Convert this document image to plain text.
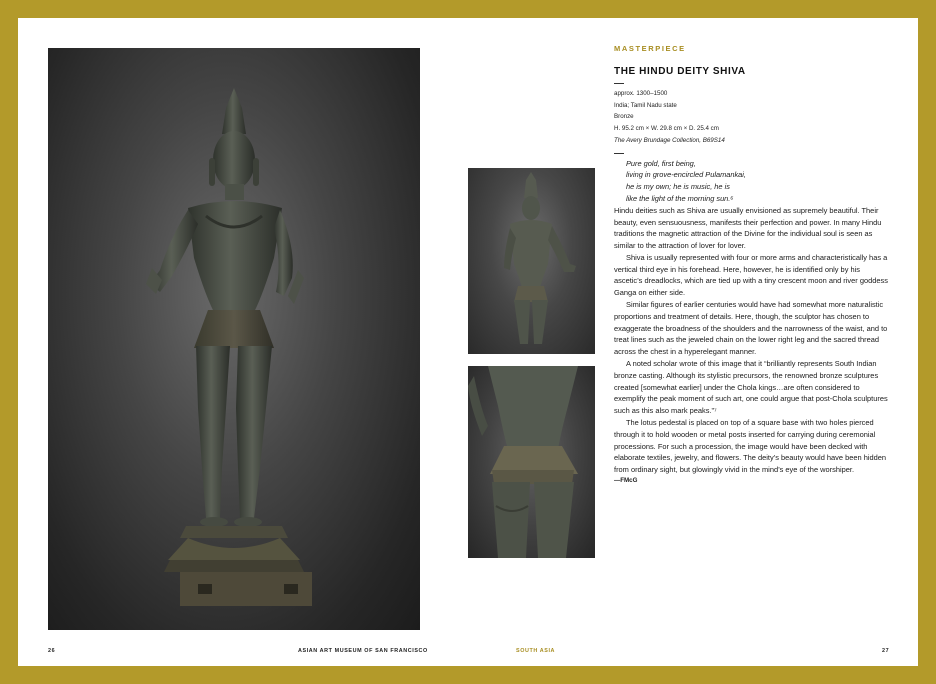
MASTERPIECE
THE HINDU DEITY SHIVA
approx. 1300–1500
India; Tamil Nadu state
Bronze
H. 95.2 cm × W. 29.8 cm × D. 25.4 cm
The Avery Brundage Collection, B69S14
Pure gold, first being,
living in grove-encircled Pulamankai,
he is my own; he is music, he is
like the light of the morning sun.⁶

Hindu deities such as Shiva are usually envisioned as supremely beautiful. Their beauty, even sensuousness, manifests their perfection and power. In many Hindu traditions the magnetic attraction of the Divine for the individual soul is seen as similar to the attraction of lover for lover.

Shiva is usually represented with four or more arms and characteristically has a vertical third eye in his forehead. Here, however, he is identified only by his ascetic’s dreadlocks, which are tied up with a tiny crescent moon and river goddess Ganga on either side.

Similar figures of earlier centuries would have had somewhat more naturalistic proportions and treatment of details. Here, though, the sculptor has chosen to exaggerate the broadness of the shoulders and the narrowness of the waist, and to treat lines such as the jeweled chain on the lower right leg and the sacred thread across the chest in a hyperelegant manner.

A noted scholar wrote of this image that it “brilliantly represents South Indian bronze casting. Although its stylistic precursors, the renowned bronze sculptures created [somewhat earlier] under the Chola kings…are often considered to exemplify the peak moment of such art, one could argue that post-Chola sculptures such as this also mark peaks.”⁷

The lotus pedestal is placed on top of a square base with two holes pierced through it to hold wooden or metal posts inserted for carrying during ceremonial processions. For such a procession, the image would have been decked with elaborate textiles, jewelry, and flowers. The deity’s beauty would have been hidden from ordinary sight, but glowingly vivid in the mind’s eye of the worshiper.

—FMcG
26	ASIAN ART MUSEUM OF SAN FRANCISCO	SOUTH ASIA	27
